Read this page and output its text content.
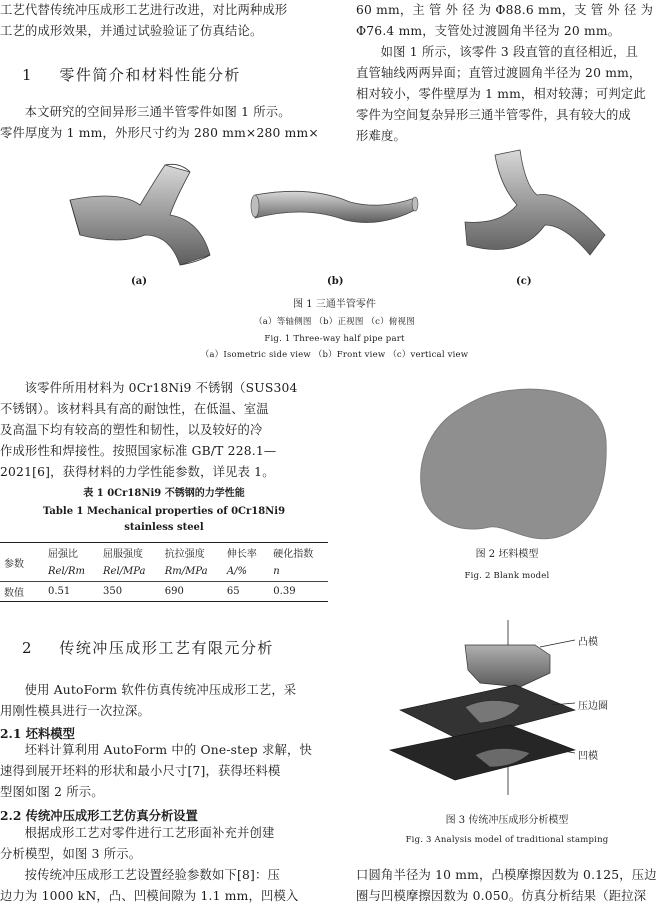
工艺代替传统冲压成形工艺进行改进，对比两种成形
工艺的成形效果，并通过试验验证了仿真结论。
1 零件简介和材料性能分析
本文研究的空间异形三通半管零件如图 1 所示。
零件厚度为 1 mm，外形尺寸约为 280 mm×280 mm×
60 mm，主 管 外 径 为 Φ88.6 mm，支 管 外 径 为
Φ76.4 mm，支管处过渡圆角半径为 20 mm。
如图 1 所示，该零件 3 段直管的直径相近，且
直管轴线两两异面；直管过渡圆角半径为 20 mm，
相对较小，零件壁厚为 1 mm，相对较薄；可判定此
零件为空间复杂异形三通半管零件，具有较大的成
形难度。
(a)	(b)	(c)
图 1 三通半管零件
（a）等轴侧图 （b）正视图 （c）俯视图
Fig. 1 Three-way half pipe part
（a）Isometric side view （b）Front view （c）vertical view
该零件所用材料为 0Cr18Ni9 不锈钢（SUS304
不锈钢）。该材料具有高的耐蚀性，在低温、室温
及高温下均有较高的塑性和韧性，以及较好的冷
作成形性和焊接性。按照国家标准 GB/T 228.1—
2021[6]，获得材料的力学性能参数，详见表 1。
表 1 0Cr18Ni9 不锈钢的力学性能
Table 1 Mechanical properties of 0Cr18Ni9
stainless steel
参数	屈强比	屈服强度	抗拉强度	伸长率	硬化指数
	Rel/Rm	Rel/MPa	Rm/MPa	A/%	n
数值	0.51	350	690	65	0.39
2 传统冲压成形工艺有限元分析
使用 AutoForm 软件仿真传统冲压成形工艺，采
用刚性模具进行一次拉深。
2.1 坯料模型
坯料计算利用 AutoForm 中的 One-step 求解，快
速得到展开坯料的形状和最小尺寸[7]，获得坯料模
型图如图 2 所示。
2.2 传统冲压成形工艺仿真分析设置
根据成形工艺对零件进行工艺形面补充并创建
分析模型，如图 3 所示。
按传统冲压成形工艺设置经验参数如下[8]：压
边力为 1000 kN，凸、凹模间隙为 1.1 mm，凹模入
图 2 坯料模型
Fig. 2 Blank model
凸模
压边圈
凹模
图 3 传统冲压成形分析模型
Fig. 3 Analysis model of traditional stamping
口圆角半径为 10 mm，凸模摩擦因数为 0.125，压边
圈与凹模摩擦因数为 0.050。仿真分析结果（距拉深
